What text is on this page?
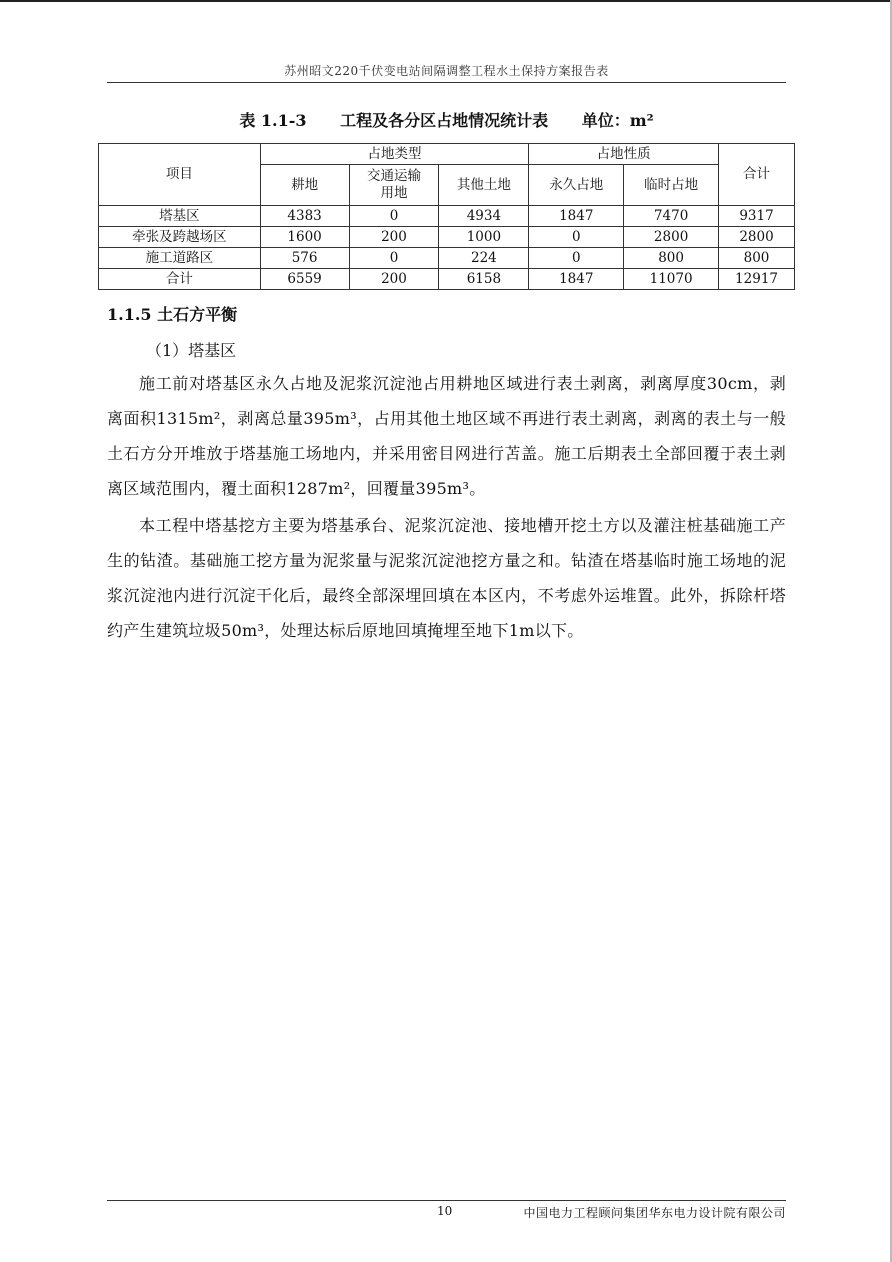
苏州昭文220千伏变电站间隔调整工程水土保持方案报告表
表 1.1-3 工程及各分区占地情况统计表 单位：m²
项目	占地类型			占地性质		合计
	耕地	交通运输用地	其他土地	永久占地	临时占地	
塔基区	4383	0	4934	1847	7470	9317
牵张及跨越场区	1600	200	1000	0	2800	2800
施工道路区	576	0	224	0	800	800
合计	6559	200	6158	1847	11070	12917
1.1.5 土石方平衡
（1）塔基区
施工前对塔基区永久占地及泥浆沉淀池占用耕地区域进行表土剥离，剥离厚度30cm，剥离面积1315m²，剥离总量395m³，占用其他土地区域不再进行表土剥离，剥离的表土与一般土石方分开堆放于塔基施工场地内，并采用密目网进行苫盖。施工后期表土全部回覆于表土剥离区域范围内，覆土面积1287m²，回覆量395m³。
本工程中塔基挖方主要为塔基承台、泥浆沉淀池、接地槽开挖土方以及灌注桩基础施工产生的钻渣。基础施工挖方量为泥浆量与泥浆沉淀池挖方量之和。钻渣在塔基临时施工场地的泥浆沉淀池内进行沉淀干化后，最终全部深埋回填在本区内，不考虑外运堆置。此外，拆除杆塔约产生建筑垃圾50m³，处理达标后原地回填掩埋至地下1m以下。
10	中国电力工程顾问集团华东电力设计院有限公司
